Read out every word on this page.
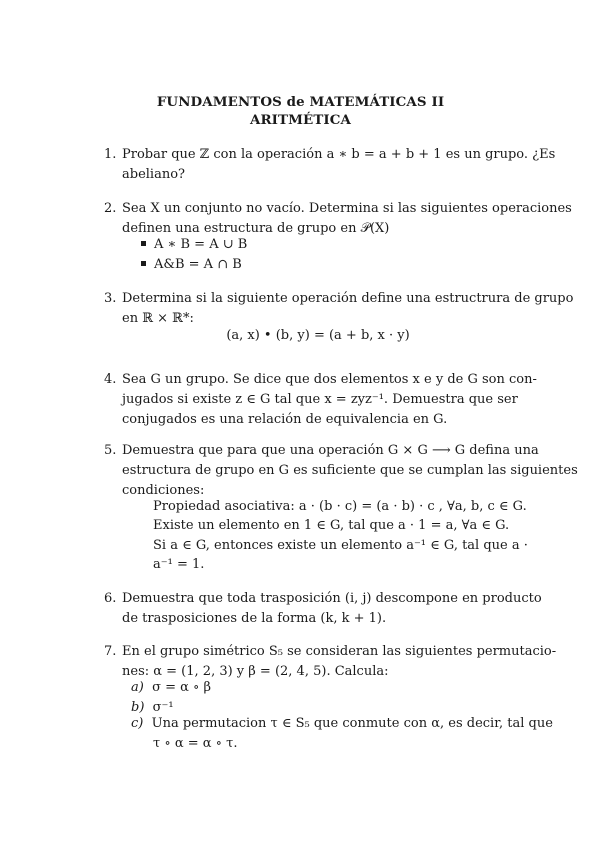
FUNDAMENTOS de MATEMÁTICAS II
ARITMÉTICA
1. Probar que ℤ con la operación a ∗ b = a + b + 1 es un grupo. ¿Es
abeliano?
2. Sea X un conjunto no vacío. Determina si las siguientes operaciones
definen una estructura de grupo en 𝒫(X)
A ∗ B = A ∪ B
A&B = A ∩ B
3. Determina si la siguiente operación define una estructrura de grupo
en ℝ × ℝ*:
(a, x) • (b, y) = (a + b, x · y)
4. Sea G un grupo. Se dice que dos elementos x e y de G son con-
jugados si existe z ∈ G tal que x = zyz⁻¹. Demuestra que ser
conjugados es una relación de equivalencia en G.
5. Demuestra que para que una operación G × G ⟶ G defina una
estructura de grupo en G es suficiente que se cumplan las siguientes
condiciones:
Propiedad asociativa: a · (b · c) = (a · b) · c , ∀a, b, c ∈ G.
Existe un elemento en 1 ∈ G, tal que a · 1 = a, ∀a ∈ G.
Si a ∈ G, entonces existe un elemento a⁻¹ ∈ G, tal que a ·
a⁻¹ = 1.
6. Demuestra que toda trasposición (i, j) descompone en producto
de trasposiciones de la forma (k, k + 1).
7. En el grupo simétrico S₅ se consideran las siguientes permutacio-
nes: α = (1, 2, 3) y β = (2, 4, 5). Calcula:
a) σ = α ∘ β
b) σ⁻¹
c) Una permutacion τ ∈ S₅ que conmute con α, es decir, tal que
τ ∘ α = α ∘ τ.
